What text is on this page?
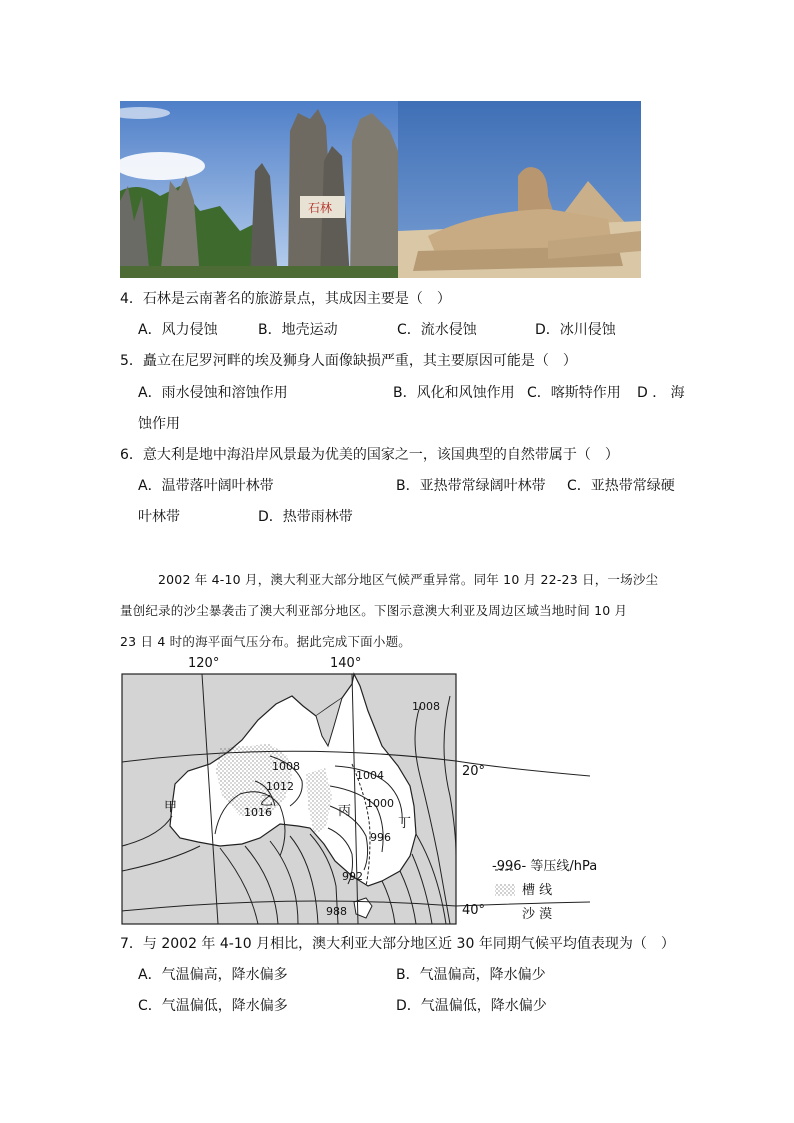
石林
4．石林是云南著名的旅游景点，其成因主要是（　）
A．风力侵蚀	B．地壳运动	C．流水侵蚀	D．冰川侵蚀
5．矗立在尼罗河畔的埃及狮身人面像缺损严重，其主要原因可能是（　）
A．雨水侵蚀和溶蚀作用	B．风化和风蚀作用 C．喀斯特作用 D ． 海
蚀作用
6．意大利是地中海沿岸风景最为优美的国家之一，该国典型的自然带属于（　）
A．温带落叶阔叶林带	B．亚热带常绿阔叶林带 C．亚热带常绿硬
叶林带	D．热带雨林带
2002 年 4-10 月，澳大利亚大部分地区气候严重异常。同年 10 月 22-23 日，一场沙尘
量创纪录的沙尘暴袭击了澳大利亚部分地区。下图示意澳大利亚及周边区域当地时间 10 月
23 日 4 时的海平面气压分布。据此完成下面小题。
120°	140°
20°
40°
1008
1008
1012
1016
1004
1000
996
992
988
甲	乙
丙
丁
-996- 等压线/hPa
槽 线
沙 漠
7．与 2002 年 4-10 月相比，澳大利亚大部分地区近 30 年同期气候平均值表现为（　）
A．气温偏高，降水偏多	B．气温偏高，降水偏少
C．气温偏低，降水偏多	D．气温偏低，降水偏少
